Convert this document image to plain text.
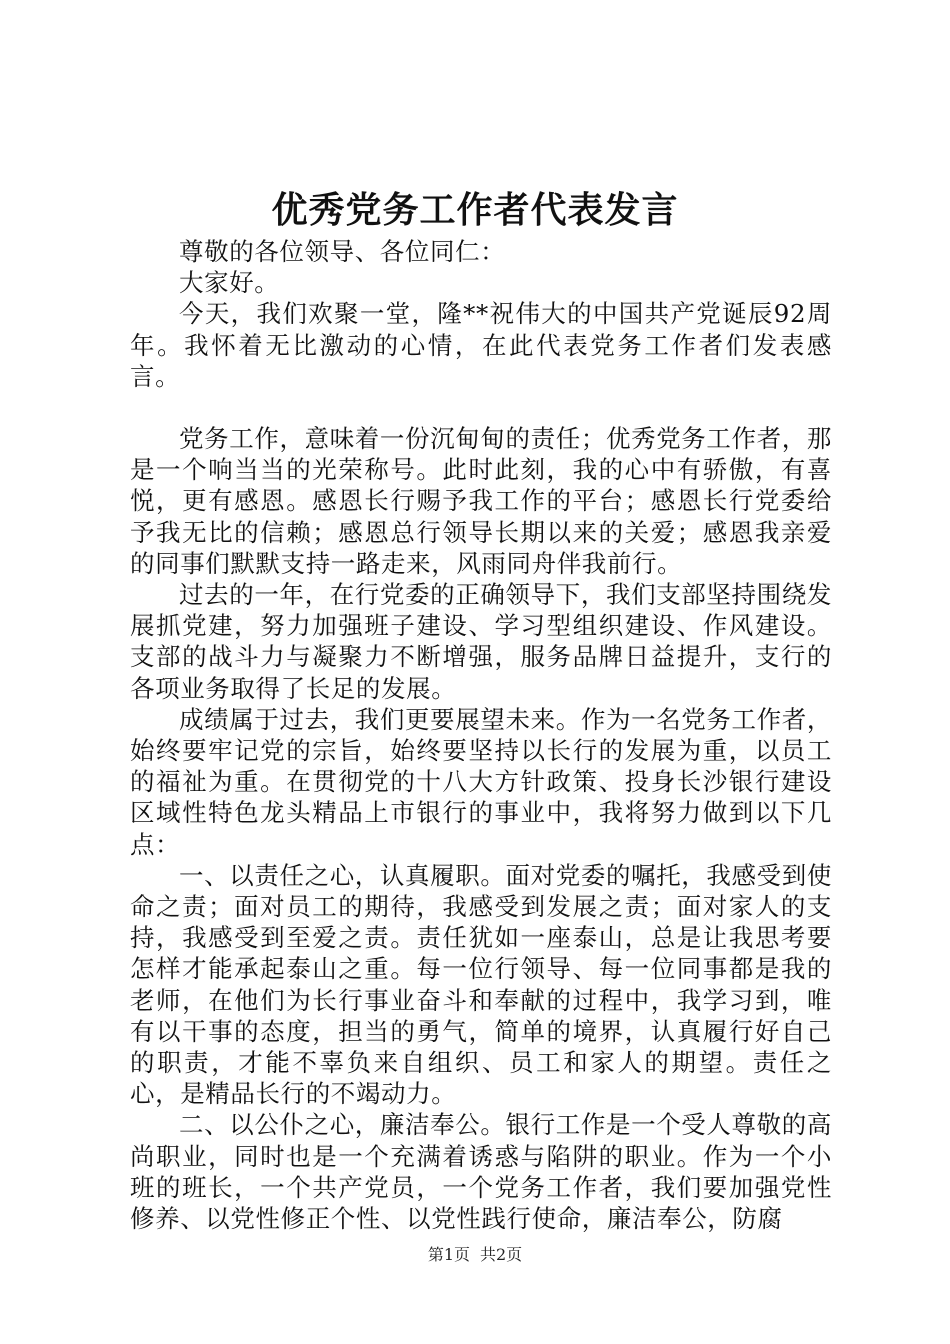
优秀党务工作者代表发言

尊敬的各位领导、各位同仁：

大家好。

今天，我们欢聚一堂，隆**祝伟大的中国共产党诞辰92周年。我怀着无比激动的心情，在此代表党务工作者们发表感言。

党务工作，意味着一份沉甸甸的责任；优秀党务工作者，那是一个响当当的光荣称号。此时此刻，我的心中有骄傲，有喜悦，更有感恩。感恩长行赐予我工作的平台；感恩长行党委给予我无比的信赖；感恩总行领导长期以来的关爱；感恩我亲爱的同事们默默支持一路走来，风雨同舟伴我前行。

过去的一年，在行党委的正确领导下，我们支部坚持围绕发展抓党建，努力加强班子建设、学习型组织建设、作风建设。支部的战斗力与凝聚力不断增强，服务品牌日益提升，支行的各项业务取得了长足的发展。

成绩属于过去，我们更要展望未来。作为一名党务工作者，始终要牢记党的宗旨，始终要坚持以长行的发展为重，以员工的福祉为重。在贯彻党的十八大方针政策、投身长沙银行建设区域性特色龙头精品上市银行的事业中，我将努力做到以下几点：

一、以责任之心，认真履职。面对党委的嘱托，我感受到使命之责；面对员工的期待，我感受到发展之责；面对家人的支持，我感受到至爱之责。责任犹如一座泰山，总是让我思考要怎样才能承起泰山之重。每一位行领导、每一位同事都是我的老师，在他们为长行事业奋斗和奉献的过程中，我学习到，唯有以干事的态度，担当的勇气，简单的境界，认真履行好自己的职责，才能不辜负来自组织、员工和家人的期望。责任之心，是精品长行的不竭动力。

二、以公仆之心，廉洁奉公。银行工作是一个受人尊敬的高尚职业，同时也是一个充满着诱惑与陷阱的职业。作为一个小班的班长，一个共产党员，一个党务工作者，我们要加强党性修养、以党性修正个性、以党性践行使命，廉洁奉公，防腐

第1页 共2页
